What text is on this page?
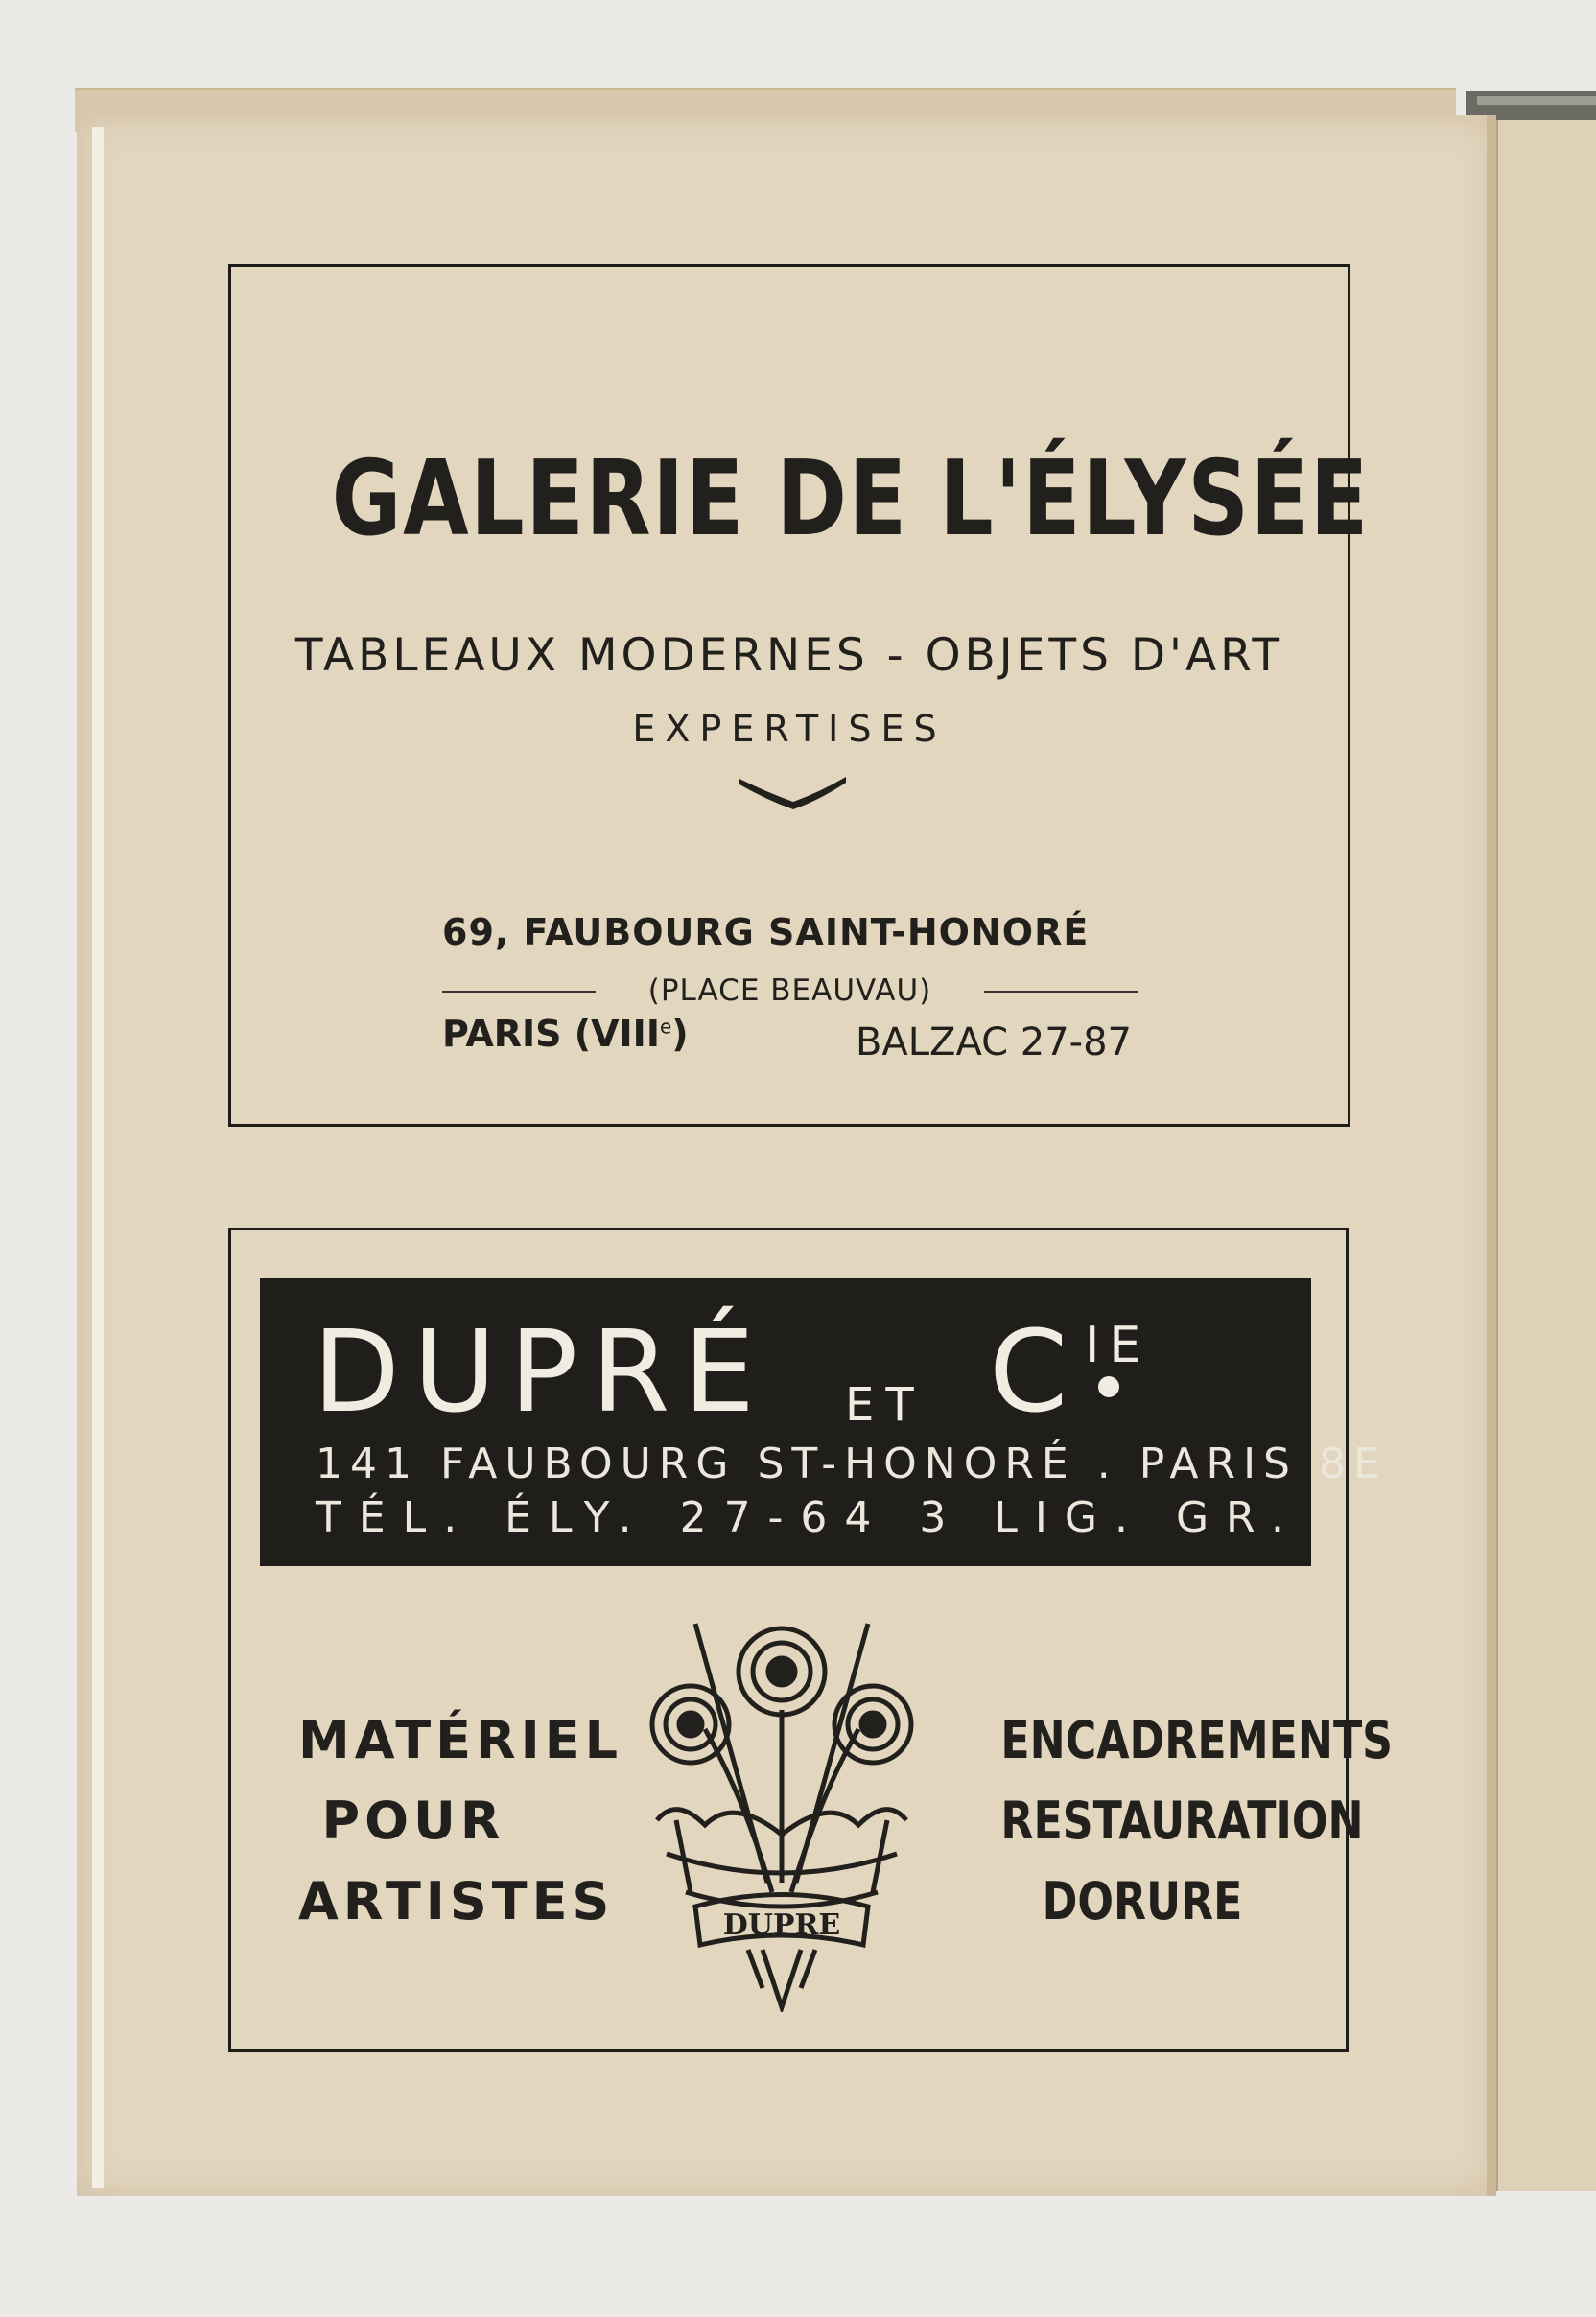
GALERIE DE L'ÉLYSÉE
TABLEAUX MODERNES - OBJETS D'ART
EXPERTISES
69, FAUBOURG SAINT-HONORÉ
(PLACE BEAUVAU)
PARIS (VIIIe)	BALZAC 27-87
DUPRÉ ET C IE
141 FAUBOURG ST-HONORÉ . PARIS 8E
TÉL. ÉLY. 27-64 3 LIG. GR.
MATÉRIEL
POUR
ARTISTES	DUPRE
ENCADREMENTS
RESTAURATION
DORURE
